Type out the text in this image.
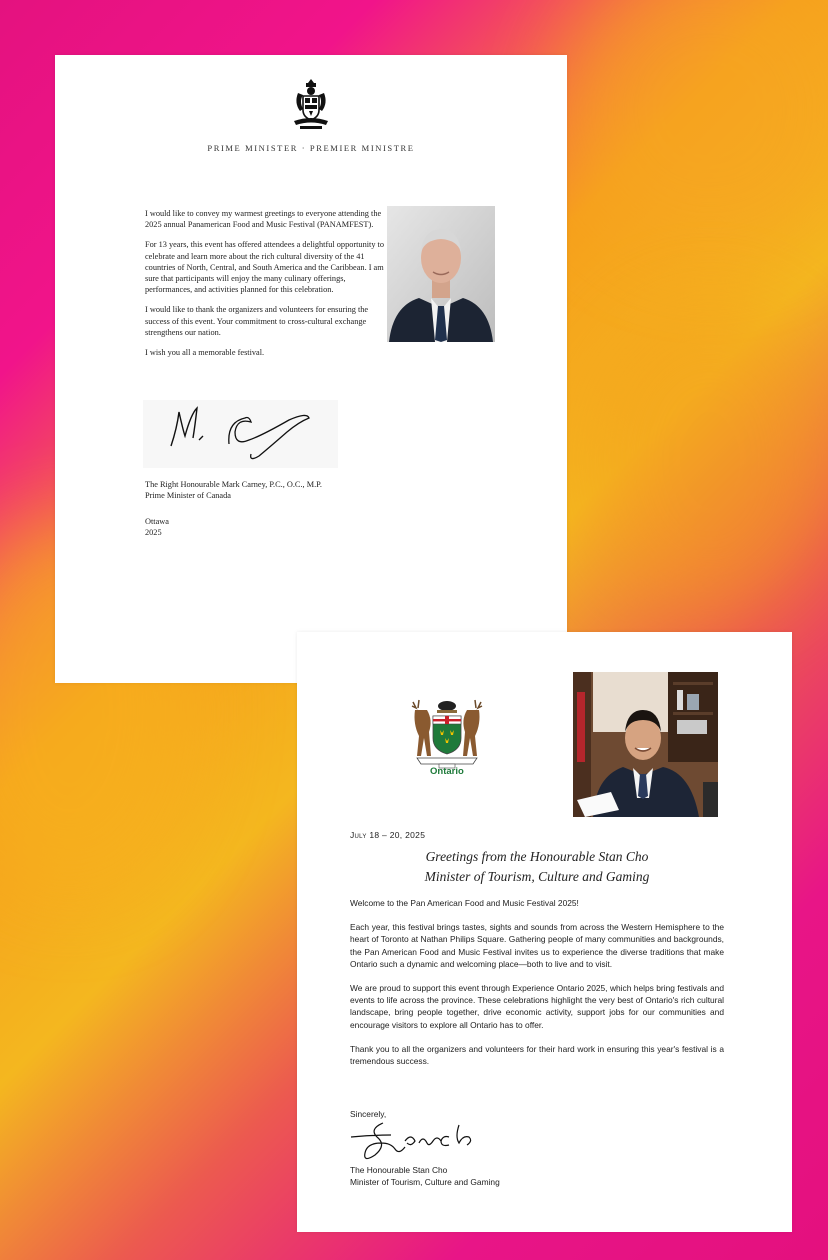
PRIME MINISTER · PREMIER MINISTRE

I would like to convey my warmest greetings to everyone attending the 2025 annual Panamerican Food and Music Festival (PANAMFEST).

For 13 years, this event has offered attendees a delightful opportunity to celebrate and learn more about the rich cultural diversity of the 41 countries of North, Central, and South America and the Caribbean. I am sure that participants will enjoy the many culinary offerings, performances, and activities planned for this celebration.

I would like to thank the organizers and volunteers for ensuring the success of this event. Your commitment to cross-cultural exchange strengthens our nation.

I wish you all a memorable festival.

The Right Honourable Mark Carney, P.C., O.C., M.P.
Prime Minister of Canada
Ottawa
2025
Ontario
July 18 – 20, 2025
Greetings from the Honourable Stan Cho
Minister of Tourism, Culture and Gaming

Welcome to the Pan American Food and Music Festival 2025!

Each year, this festival brings tastes, sights and sounds from across the Western Hemisphere to the heart of Toronto at Nathan Philips Square. Gathering people of many communities and backgrounds, the Pan American Food and Music Festival invites us to experience the diverse traditions that make Ontario such a dynamic and welcoming place—both to live and to visit.

We are proud to support this event through Experience Ontario 2025, which helps bring festivals and events to life across the province. These celebrations highlight the very best of Ontario's rich cultural landscape, bring people together, drive economic activity, support jobs for our communities and encourage visitors to explore all Ontario has to offer.

Thank you to all the organizers and volunteers for their hard work in ensuring this year's festival is a tremendous success.

Sincerely,
The Honourable Stan Cho
Minister of Tourism, Culture and Gaming
